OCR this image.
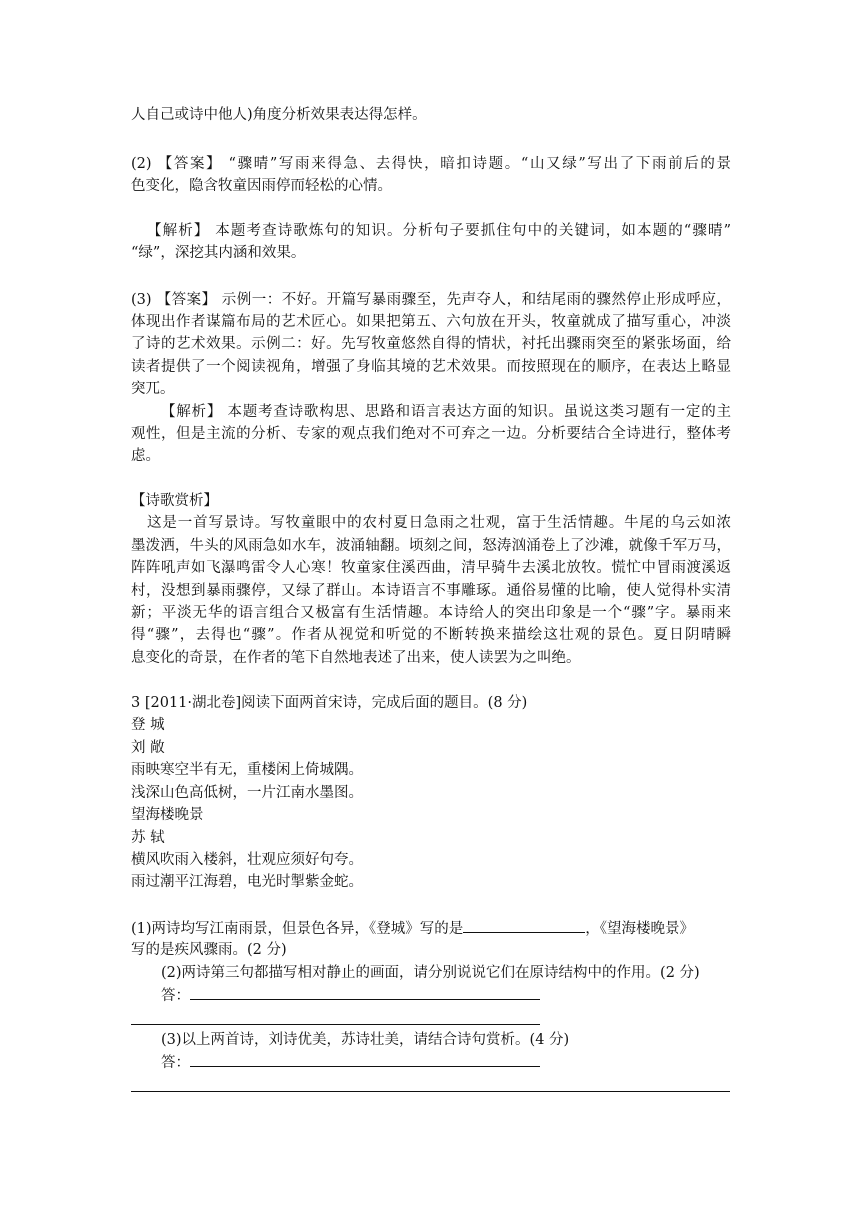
人自己或诗中他人)角度分析效果表达得怎样。
(2) 【答案】 “骤晴”写雨来得急、去得快，暗扣诗题。“山又绿”写出了下雨前后的景
色变化，隐含牧童因雨停而轻松的心情。
【解析】 本题考查诗歌炼句的知识。分析句子要抓住句中的关键词，如本题的“骤晴”
“绿”，深挖其内涵和效果。
(3) 【答案】 示例一：不好。开篇写暴雨骤至，先声夺人，和结尾雨的骤然停止形成呼应，
体现出作者谋篇布局的艺术匠心。如果把第五、六句放在开头，牧童就成了描写重心，冲淡
了诗的艺术效果。示例二：好。先写牧童悠然自得的情状，衬托出骤雨突至的紧张场面，给
读者提供了一个阅读视角，增强了身临其境的艺术效果。而按照现在的顺序，在表达上略显
突兀。
【解析】 本题考查诗歌构思、思路和语言表达方面的知识。虽说这类习题有一定的主
观性，但是主流的分析、专家的观点我们绝对不可弃之一边。分析要结合全诗进行，整体考
虑。
【诗歌赏析】
这是一首写景诗。写牧童眼中的农村夏日急雨之壮观，富于生活情趣。牛尾的乌云如浓
墨泼洒，牛头的风雨急如水车，波涌轴翻。顷刻之间，怒涛汹涌卷上了沙滩，就像千军万马，
阵阵吼声如飞瀑鸣雷令人心寒！牧童家住溪西曲，清早骑牛去溪北放牧。慌忙中冒雨渡溪返
村，没想到暴雨骤停，又绿了群山。本诗语言不事雕琢。通俗易懂的比喻，使人觉得朴实清
新；平淡无华的语言组合又极富有生活情趣。本诗给人的突出印象是一个“骤”字。暴雨来
得“骤”，去得也“骤”。作者从视觉和听觉的不断转换来描绘这壮观的景色。夏日阴晴瞬
息变化的奇景，在作者的笔下自然地表述了出来，使人读罢为之叫绝。
3 [2011·湖北卷]阅读下面两首宋诗，完成后面的题目。(8 分)
登 城
刘 敞
雨映寒空半有无，重楼闲上倚城隅。
浅深山色高低树，一片江南水墨图。
望海楼晚景
苏 轼
横风吹雨入楼斜，壮观应须好句夸。
雨过潮平江海碧，电光时掣紫金蛇。
(1)两诗均写江南雨景，但景色各异，《登城》写的是	，《望海楼晚景》
写的是疾风骤雨。(2 分)
(2)两诗第三句都描写相对静止的画面，请分别说说它们在原诗结构中的作用。(2 分)
答：
(3)以上两首诗，刘诗优美，苏诗壮美，请结合诗句赏析。(4 分)
答：
